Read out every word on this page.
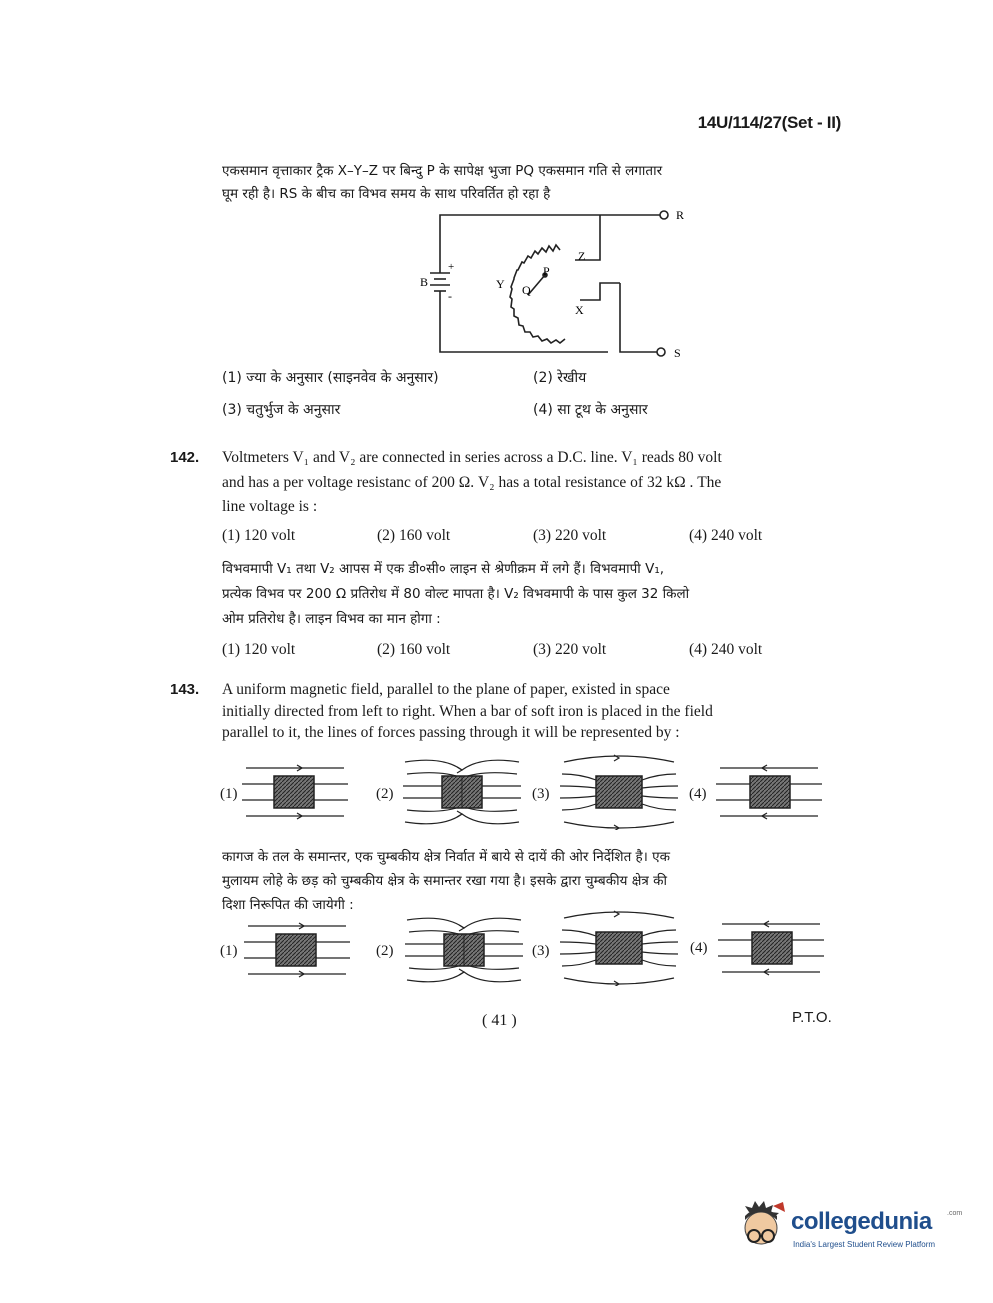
14U/114/27(Set - II)
एकसमान वृत्ताकार ट्रैक X–Y–Z पर बिन्दु P के सापेक्ष भुजा PQ एकसमान गति से लगातार
घूम रही है। RS के बीच का विभव समय के साथ परिवर्तित हो रहा है
R
S
B
+
-
Y
Z
X
P
Q
(1) ज्या के अनुसार (साइनवेव के अनुसार)	(2) रेखीय
(3) चतुर्भुज के अनुसार	(4) सा टूथ के अनुसार
142. Voltmeters V₁ and V₂ are connected in series across a D.C. line. V₁ reads 80 volt
and has a per voltage resistanc of 200 Ω. V₂ has a total resistance of 32 kΩ . The
line voltage is :
(1) 120 volt	(2) 160 volt	(3) 220 volt	(4) 240 volt
विभवमापी V₁ तथा V₂ आपस में एक डी०सी० लाइन से श्रेणीक्रम में लगे हैं। विभवमापी V₁,
प्रत्येक विभव पर 200 Ω प्रतिरोध में 80 वोल्ट मापता है। V₂ विभवमापी के पास कुल 32 किलो
ओम प्रतिरोध है। लाइन विभव का मान होगा :
(1) 120 volt	(2) 160 volt	(3) 220 volt	(4) 240 volt
143. A uniform magnetic field, parallel to the plane of paper, existed in space
initially directed from left to right. When a bar of soft iron is placed in the field
parallel to it, the lines of forces passing through it will be represented by :
(1)	(2)	(3)	(4)
कागज के तल के समान्तर, एक चुम्बकीय क्षेत्र निर्वात में बाये से दायें की ओर निर्देशित है। एक
मुलायम लोहे के छड़ को चुम्बकीय क्षेत्र के समान्तर रखा गया है। इसके द्वारा चुम्बकीय क्षेत्र की
दिशा निरूपित की जायेगी :
(1)	(2)	(3)	(4)
( 41 )	P.T.O.
collegedunia .com
India's Largest Student Review Platform
